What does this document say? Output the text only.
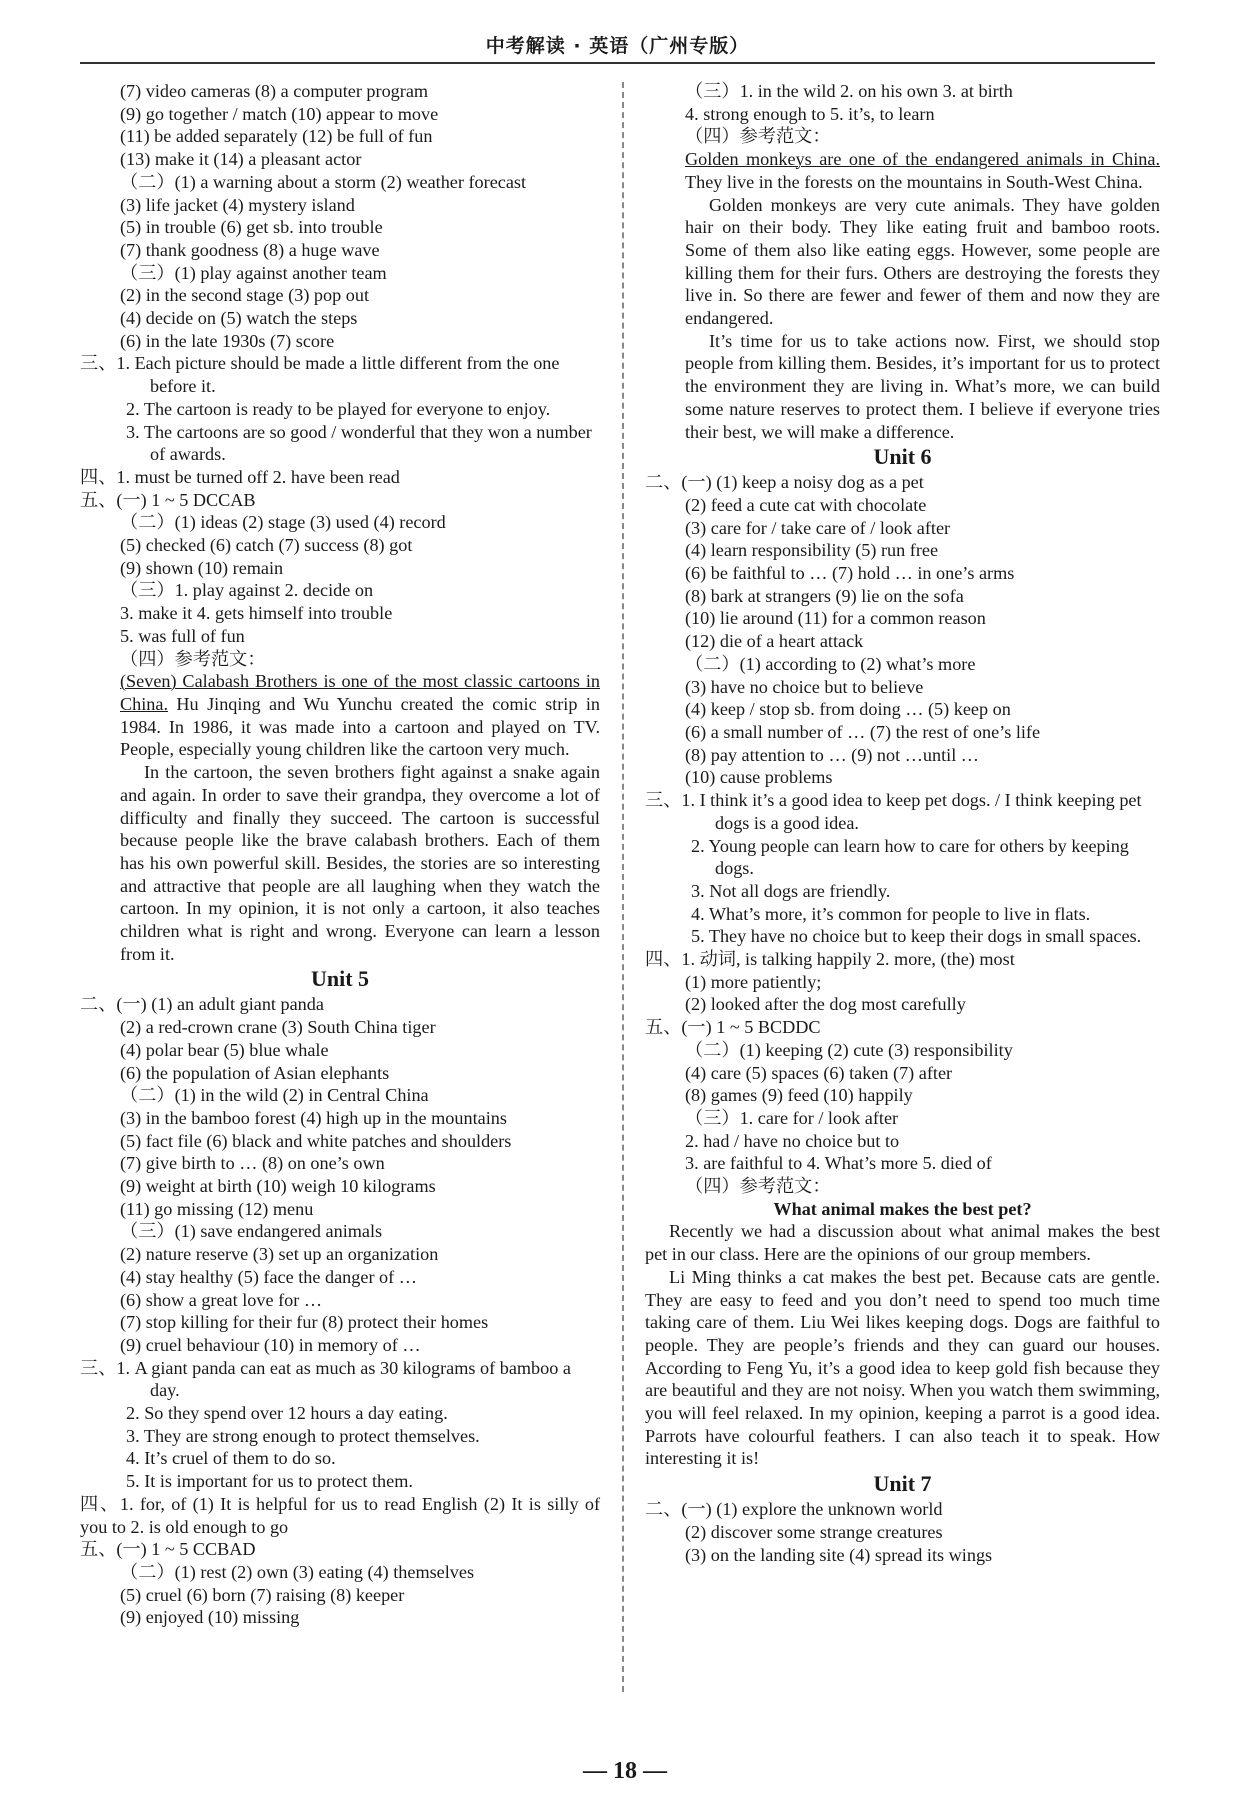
中考解读 · 英语（广州专版）
(7) video cameras (8) a computer program
(9) go together / match (10) appear to move
(11) be added separately (12) be full of fun
(13) make it (14) a pleasant actor
（二）(1) a warning about a storm (2) weather forecast
(3) life jacket (4) mystery island
(5) in trouble (6) get sb. into trouble
(7) thank goodness (8) a huge wave
（三）(1) play against another team
(2) in the second stage (3) pop out
(4) decide on (5) watch the steps
(6) in the late 1930s (7) score
三、1. Each picture should be made a little different from the one before it.
2. The cartoon is ready to be played for everyone to enjoy.
3. The cartoons are so good / wonderful that they won a number of awards.
四、1. must be turned off 2. have been read
五、(一) 1 ~ 5 DCCAB
（二）(1) ideas (2) stage (3) used (4) record
(5) checked (6) catch (7) success (8) got
(9) shown (10) remain
（三）1. play against 2. decide on
3. make it 4. gets himself into trouble
5. was full of fun
（四）参考范文：
(Seven) Calabash Brothers is one of the most classic cartoons in China. Hu Jinqing and Wu Yunchu created the comic strip in 1984. In 1986, it was made into a cartoon and played on TV. People, especially young children like the cartoon very much.
In the cartoon, the seven brothers fight against a snake again and again. In order to save their grandpa, they overcome a lot of difficulty and finally they succeed. The cartoon is successful because people like the brave calabash brothers. Each of them has his own powerful skill. Besides, the stories are so interesting and attractive that people are all laughing when they watch the cartoon. In my opinion, it is not only a cartoon, it also teaches children what is right and wrong. Everyone can learn a lesson from it.
Unit 5
二、(一) (1) an adult giant panda
(2) a red-crown crane (3) South China tiger
(4) polar bear (5) blue whale
(6) the population of Asian elephants
（二）(1) in the wild (2) in Central China
(3) in the bamboo forest (4) high up in the mountains
(5) fact file (6) black and white patches and shoulders
(7) give birth to … (8) on one’s own
(9) weight at birth (10) weigh 10 kilograms
(11) go missing (12) menu
（三）(1) save endangered animals
(2) nature reserve (3) set up an organization
(4) stay healthy (5) face the danger of …
(6) show a great love for …
(7) stop killing for their fur (8) protect their homes
(9) cruel behaviour (10) in memory of …
三、1. A giant panda can eat as much as 30 kilograms of bamboo a day.
2. So they spend over 12 hours a day eating.
3. They are strong enough to protect themselves.
4. It’s cruel of them to do so.
5. It is important for us to protect them.
四、1. for, of (1) It is helpful for us to read English (2) It is silly of you to 2. is old enough to go
五、(一) 1 ~ 5 CCBAD
（二）(1) rest (2) own (3) eating (4) themselves
(5) cruel (6) born (7) raising (8) keeper
(9) enjoyed (10) missing
（三）1. in the wild 2. on his own 3. at birth
4. strong enough to 5. it’s, to learn
（四）参考范文：
Golden monkeys are one of the endangered animals in China. They live in the forests on the mountains in South-West China.
Golden monkeys are very cute animals. They have golden hair on their body. They like eating fruit and bamboo roots. Some of them also like eating eggs. However, some people are killing them for their furs. Others are destroying the forests they live in. So there are fewer and fewer of them and now they are endangered.
It’s time for us to take actions now. First, we should stop people from killing them. Besides, it’s important for us to protect the environment they are living in. What’s more, we can build some nature reserves to protect them. I believe if everyone tries their best, we will make a difference.
Unit 6
二、(一) (1) keep a noisy dog as a pet
(2) feed a cute cat with chocolate
(3) care for / take care of / look after
(4) learn responsibility (5) run free
(6) be faithful to … (7) hold … in one’s arms
(8) bark at strangers (9) lie on the sofa
(10) lie around (11) for a common reason
(12) die of a heart attack
（二）(1) according to (2) what’s more
(3) have no choice but to believe
(4) keep / stop sb. from doing … (5) keep on
(6) a small number of … (7) the rest of one’s life
(8) pay attention to … (9) not …until …
(10) cause problems
三、1. I think it’s a good idea to keep pet dogs. / I think keeping pet dogs is a good idea.
2. Young people can learn how to care for others by keeping dogs.
3. Not all dogs are friendly.
4. What’s more, it’s common for people to live in flats.
5. They have no choice but to keep their dogs in small spaces.
四、1. 动词, is talking happily 2. more, (the) most
(1) more patiently;
(2) looked after the dog most carefully
五、(一) 1 ~ 5 BCDDC
（二）(1) keeping (2) cute (3) responsibility
(4) care (5) spaces (6) taken (7) after
(8) games (9) feed (10) happily
（三）1. care for / look after
2. had / have no choice but to
3. are faithful to 4. What’s more 5. died of
（四）参考范文：
What animal makes the best pet?
Recently we had a discussion about what animal makes the best pet in our class. Here are the opinions of our group members.
Li Ming thinks a cat makes the best pet. Because cats are gentle. They are easy to feed and you don’t need to spend too much time taking care of them. Liu Wei likes keeping dogs. Dogs are faithful to people. They are people’s friends and they can guard our houses. According to Feng Yu, it’s a good idea to keep gold fish because they are beautiful and they are not noisy. When you watch them swimming, you will feel relaxed. In my opinion, keeping a parrot is a good idea. Parrots have colourful feathers. I can also teach it to speak. How interesting it is!
Unit 7
二、(一) (1) explore the unknown world
(2) discover some strange creatures
(3) on the landing site (4) spread its wings
— 18 —
